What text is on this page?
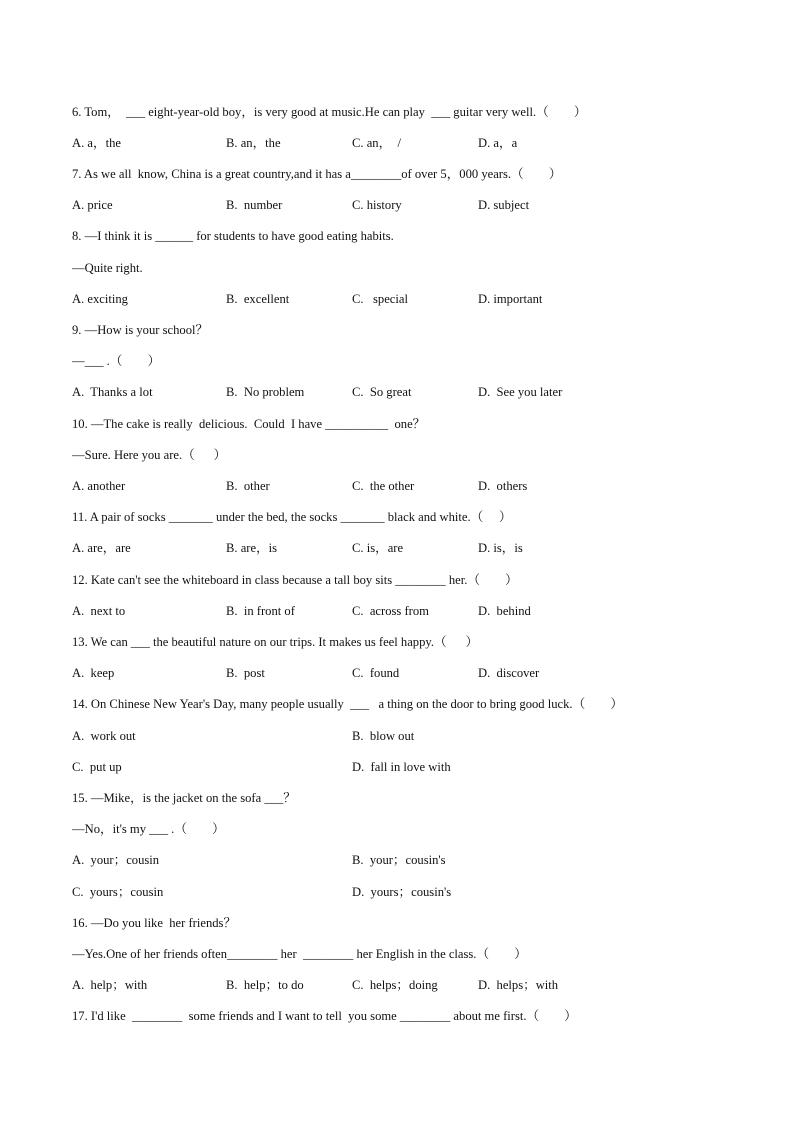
6. Tom，  ___ eight-year-old boy，is very good at music.He can play  ___ guitar very well.（        ）
A. a，the	B. an，the	C. an，  /	D. a，a
7. As we all  know, China is a great country,and it has a________of over 5，000 years.（        ）
A. price	B.  number	C. history	D. subject
8. —I think it is ______ for students to have good eating habits.
—Quite right.
A. exciting	B.  excellent	C.   special	D. important
9. —How is your school？
—___ .（        ）
A.  Thanks a lot	B.  No problem	C.  So great	D.  See you later
10. —The cake is really  delicious.  Could  I have __________  one？
—Sure. Here you are.（      ）
A. another	B.  other	C.  the other	D.  others
11. A pair of socks _______ under the bed, the socks _______ black and white.（     ）
A. are，are	B. are，is	C. is，are	D. is，is
12. Kate can't see the whiteboard in class because a tall boy sits ________ her.（        ）
A.  next to	B.  in front of	C.  across from	D.  behind
13. We can ___ the beautiful nature on our trips. It makes us feel happy.（      ）
A.  keep	B.  post	C.  found	D.  discover
14. On Chinese New Year's Day, many people usually  ___   a thing on the door to bring good luck.（        ）
A.  work out	B.  blow out
C.  put up	D.  fall in love with
15. —Mike，is the jacket on the sofa ___？
—No，it's my ___ .（        ）
A.  your；cousin	B.  your；cousin's
C.  yours；cousin	D.  yours；cousin's
16. —Do you like  her friends？
—Yes.One of her friends often________ her  ________ her English in the class.（        ）
A.  help；with	B.  help；to do	C.  helps；doing	D.  helps；with
17. I'd like  ________  some friends and I want to tell  you some ________ about me first.（        ）
